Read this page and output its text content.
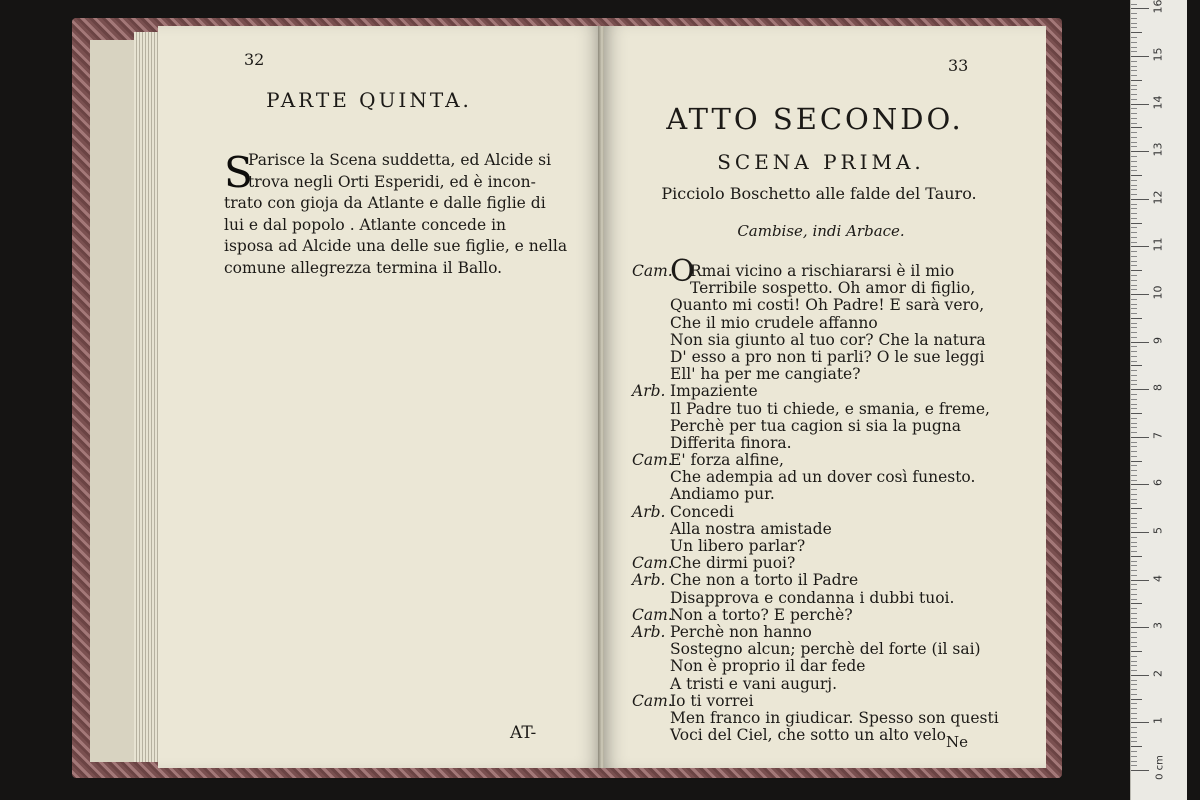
32
PARTE QUINTA.
S
Parisce la Scena suddetta, ed Alcide si
trova negli Orti Esperidi, ed è incon-
trato con gioja da Atlante e dalle figlie di
lui e dal popolo . Atlante concede in
isposa ad Alcide una delle sue figlie, e nella
comune allegrezza termina il Ballo.
AT-
33
ATTO SECONDO.
SCENA PRIMA.
Picciolo Boschetto alle falde del Tauro.
Cambise, indi Arbace.
Cam.ORmai vicino a rischiararsi è il mio
Terribile sospetto. Oh amor di figlio,
Quanto mi costi! Oh Padre! E sarà vero,
Che il mio crudele affanno
Non sia giunto al tuo cor? Che la natura
D' esso a pro non ti parli? O le sue leggi
Ell' ha per me cangiate?
Arb. Impaziente
Il Padre tuo ti chiede, e smania, e freme,
Perchè per tua cagion si sia la pugna
Differita finora.
Cam.E' forza alfine,
Che adempia ad un dover così funesto.
Andiamo pur.
Arb. Concedi
Alla nostra amistade
Un libero parlar?
Cam.Che dirmi puoi?
Arb. Che non a torto il Padre
Disapprova e condanna i dubbi tuoi.
Cam.Non a torto? E perchè?
Arb.Perchè non hanno
Sostegno alcun; perchè del forte (il sai)
Non è proprio il dar fede
A tristi e vani augurj.
Cam.Io ti vorrei
Men franco in giudicar. Spesso son questi
Voci del Ciel, che sotto un alto velo Ne
0 cm
1
2
3
4
5
6
7
8
9
10
11
12
13
14
15
16
